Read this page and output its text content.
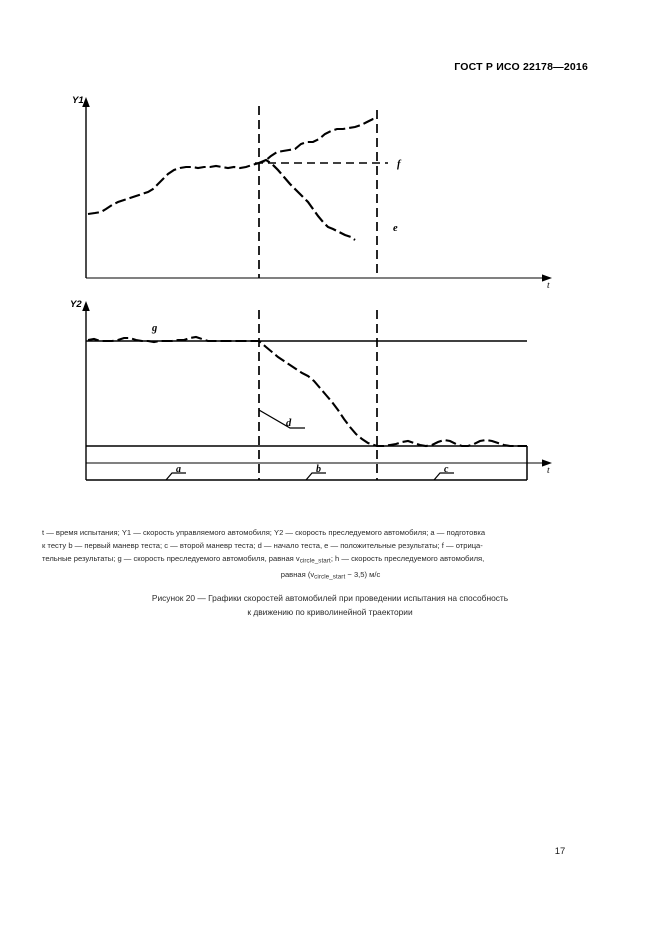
ГОСТ Р ИСО 22178—2016
Y1
t
f
e
Y2
t
g
d
a	b	c
t — время испытания; Y1 — скорость управляемого автомобиля; Y2 — скорость преследуемого автомобиля; a — подготовка
к тесту b — первый маневр теста; c — второй маневр теста; d — начало теста, e — положительные результаты; f — отрица-
тельные результаты; g — скорость преследуемого автомобиля, равная $v_{circle\_start}$; h — скорость преследуемого автомобиля,
равная $(v_{circle\_start} - 3,5)$ м/с
Рисунок 20 — Графики скоростей автомобилей при проведении испытания на способность
к движению по криволинейной траектории
17
